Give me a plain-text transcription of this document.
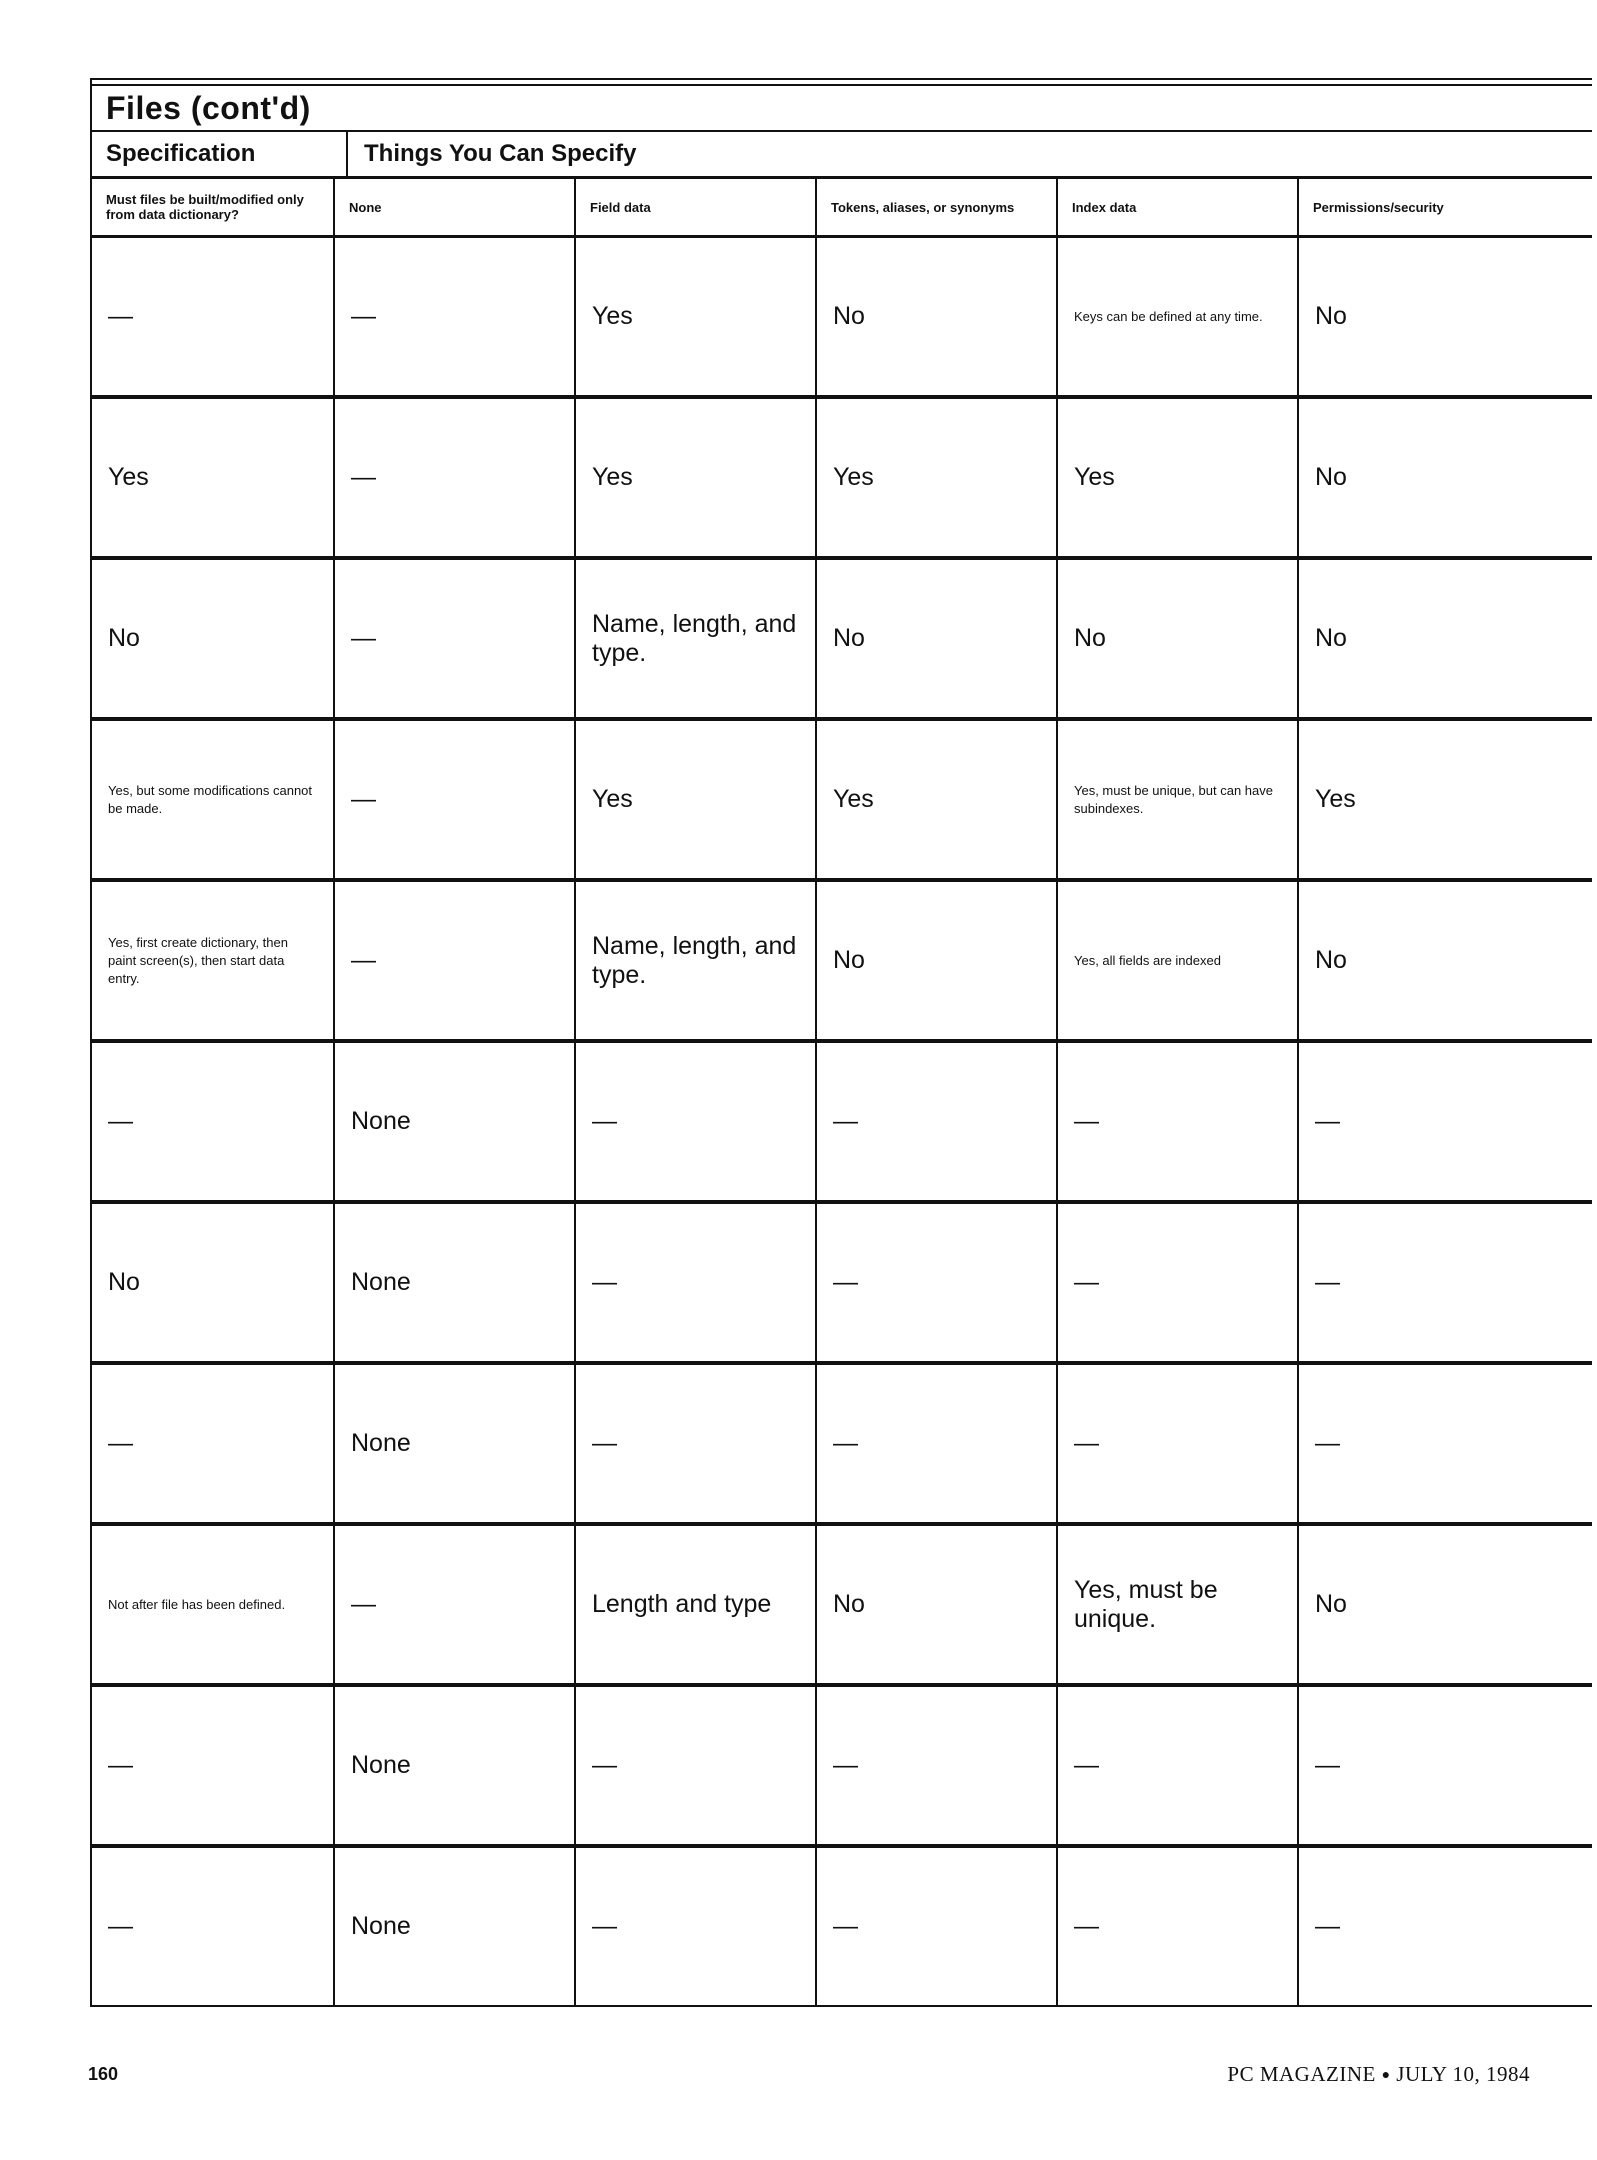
Files (cont'd)
Specification	Things You Can Specify
Must files be built/modified only from data dictionary?	None	Field data	Tokens, aliases, or synonyms	Index data	Permissions/security
—	—	Yes	No	Keys can be defined at any time.	No
Yes	—	Yes	Yes	Yes	No
No	—	Name, length, and type.	No	No	No
Yes, but some modifications cannot be made.	—	Yes	Yes	Yes, must be unique, but can have subindexes.	Yes
Yes, first create dictionary, then paint screen(s), then start data entry.	—	Name, length, and type.	No	Yes, all fields are indexed	No
—	None	—	—	—	—
No	None	—	—	—	—
—	None	—	—	—	—
Not after file has been defined.	—	Length and type	No	Yes, must be unique.	No
—	None	—	—	—	—
—	None	—	—	—	—
160	PC MAGAZINE ● JULY 10, 1984
